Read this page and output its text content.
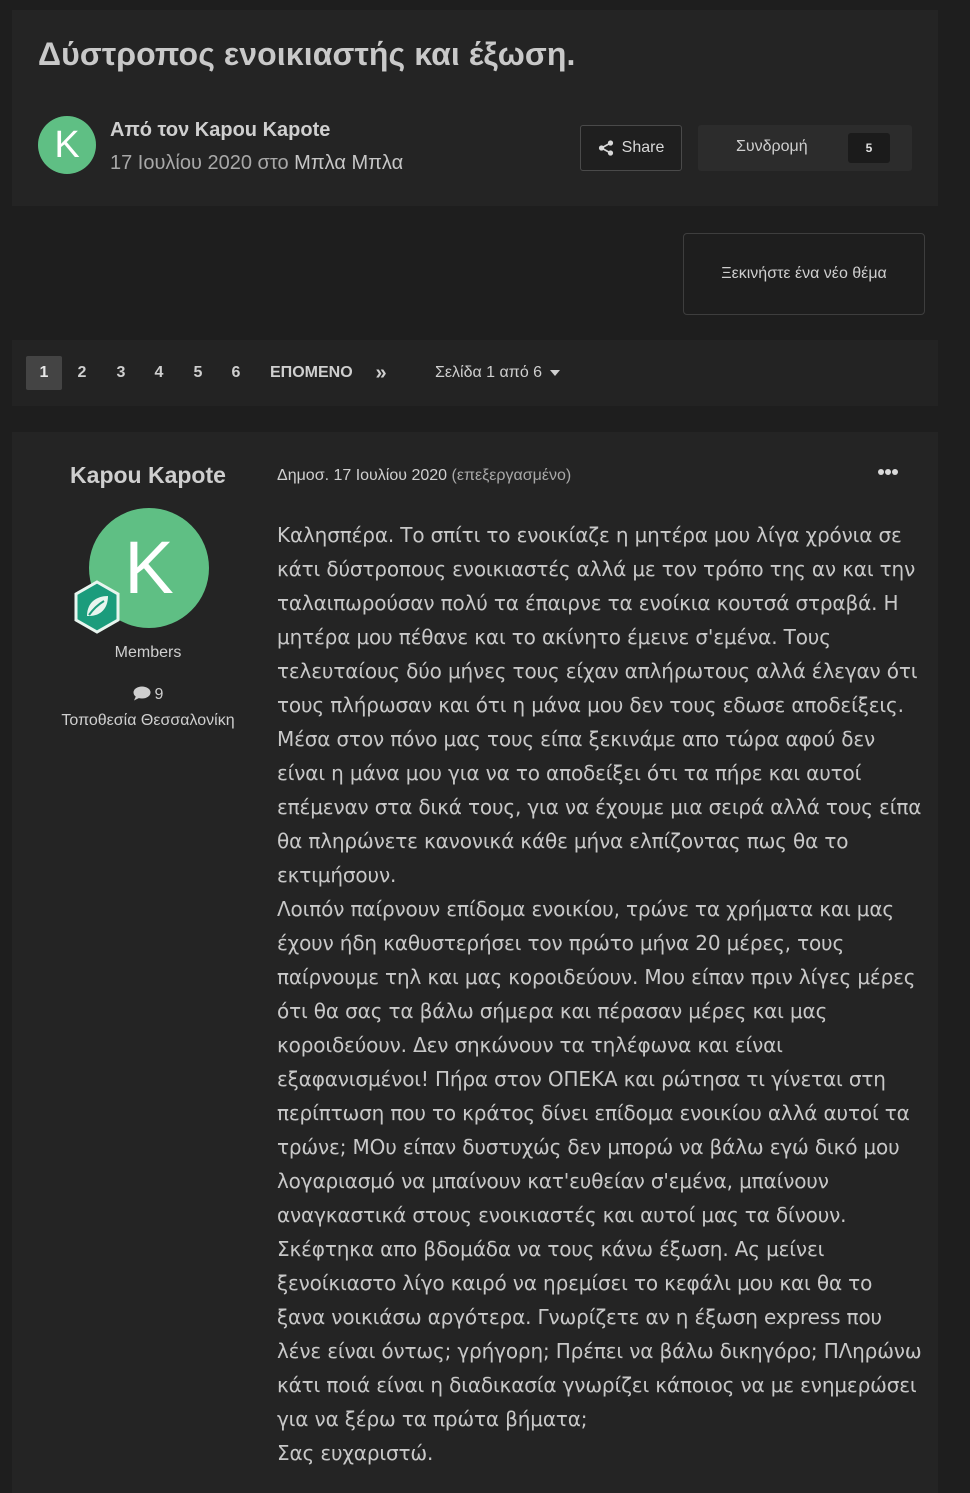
Δύστροπος ενοικιαστής και έξωση.
K	Από τον Kapou Kapote
17 Ιουλίου 2020 στο Μπλα Μπλα
Share	Συνδρομή	5
Ξεκινήστε ένα νέο θέμα
1	2	3	4	5	6	ΕΠΟΜΕΝΟ »	Σελίδα 1 από 6
Kapou Kapote
K
Members
9
Τοποθεσία Θεσσαλονίκη
Δημοσ. 17 Ιουλίου 2020 (επεξεργασμένο)

Καλησπέρα. Το σπίτι το ενοικίαζε η μητέρα μου λίγα χρόνια σε κάτι δύστροπους ενοικιαστές αλλά με τον τρόπο της αν και την ταλαιπωρούσαν πολύ τα έπαιρνε τα ενοίκια κουτσά στραβά. Η μητέρα μου πέθανε και το ακίνητο έμεινε σ'εμένα. Τους τελευταίους δύο μήνες τους είχαν απλήρωτους αλλά έλεγαν ότι τους πλήρωσαν και ότι η μάνα μου δεν τους εδωσε αποδείξεις. Μέσα στον πόνο μας τους είπα ξεκινάμε απο τώρα αφού δεν είναι η μάνα μου για να το αποδείξει ότι τα πήρε και αυτοί επέμεναν στα δικά τους, για να έχουμε μια σειρά αλλά τους είπα θα πληρώνετε κανονικά κάθε μήνα ελπίζοντας πως θα το εκτιμήσουν.

Λοιπόν παίρνουν επίδομα ενοικίου, τρώνε τα χρήματα και μας έχουν ήδη καθυστερήσει τον πρώτο μήνα 20 μέρες, τους παίρνουμε τηλ και μας κοροιδεύουν. Μου είπαν πριν λίγες μέρες ότι θα σας τα βάλω σήμερα και πέρασαν μέρες και μας κοροιδεύουν. Δεν σηκώνουν τα τηλέφωνα και είναι εξαφανισμένοι! Πήρα στον ΟΠΕΚΑ και ρώτησα τι γίνεται στη περίπτωση που το κράτος δίνει επίδομα ενοικίου αλλά αυτοί τα τρώνε; ΜΟυ είπαν δυστυχώς δεν μπορώ να βάλω εγώ δικό μου λογαριασμό να μπαίνουν κατ'ευθείαν σ'εμένα, μπαίνουν αναγκαστικά στους ενοικιαστές και αυτοί μας τα δίνουν.

Σκέφτηκα απο βδομάδα να τους κάνω έξωση. Ας μείνει ξενοίκιαστο λίγο καιρό να ηρεμίσει το κεφάλι μου και θα το ξανα νοικιάσω αργότερα. Γνωρίζετε αν η έξωση express που λένε είναι όντως; γρήγορη; Πρέπει να βάλω δικηγόρο; ΠΛηρώνω κάτι ποιά είναι η διαδικασία γνωρίζει κάποιος να με ενημερώσει για να ξέρω τα πρώτα βήματα;

Σας ευχαριστώ.
